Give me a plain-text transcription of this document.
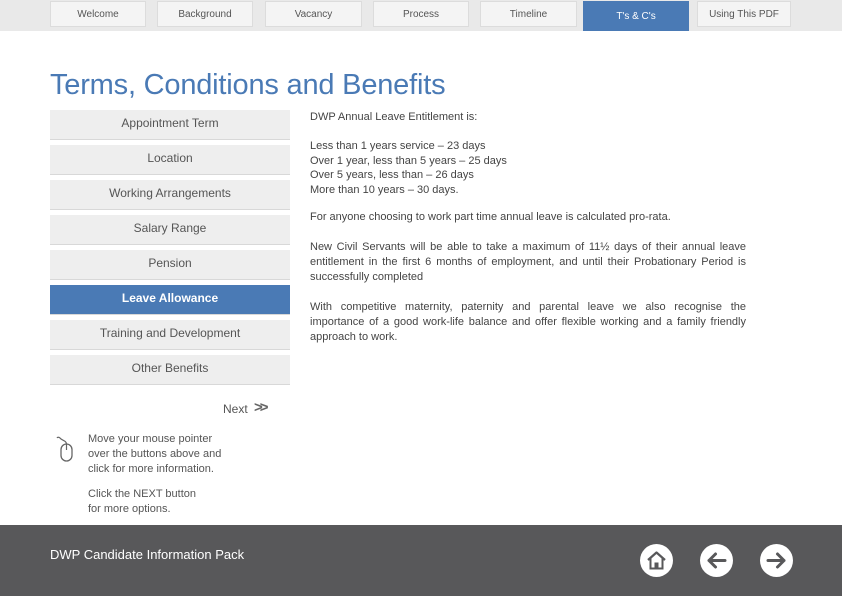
Welcome	Background	Vacancy	Process	Timeline	T's & C's	Using This PDF
Terms, Conditions and Benefits
Appointment Term
Location
Working Arrangements
Salary Range
Pension
Leave Allowance
Training and Development
Other Benefits
Next >>
Move your mouse pointer
over the buttons above and
click for more information.
Click the NEXT button
for more options.
DWP Annual Leave Entitlement is:
Less than 1 years service – 23 days
Over 1 year, less than 5 years – 25 days
Over 5 years, less than – 26 days
More than 10 years – 30 days.
For anyone choosing to work part time annual leave is calculated pro-rata.
New Civil Servants will be able to take a maximum of 11½ days of their annual leave entitlement in the first 6 months of employment, and until their Probationary Period is successfully completed
With competitive maternity, paternity and parental leave we also recognise the importance of a good work-life balance and offer flexible working and a family friendly approach to work.
DWP Candidate Information Pack
